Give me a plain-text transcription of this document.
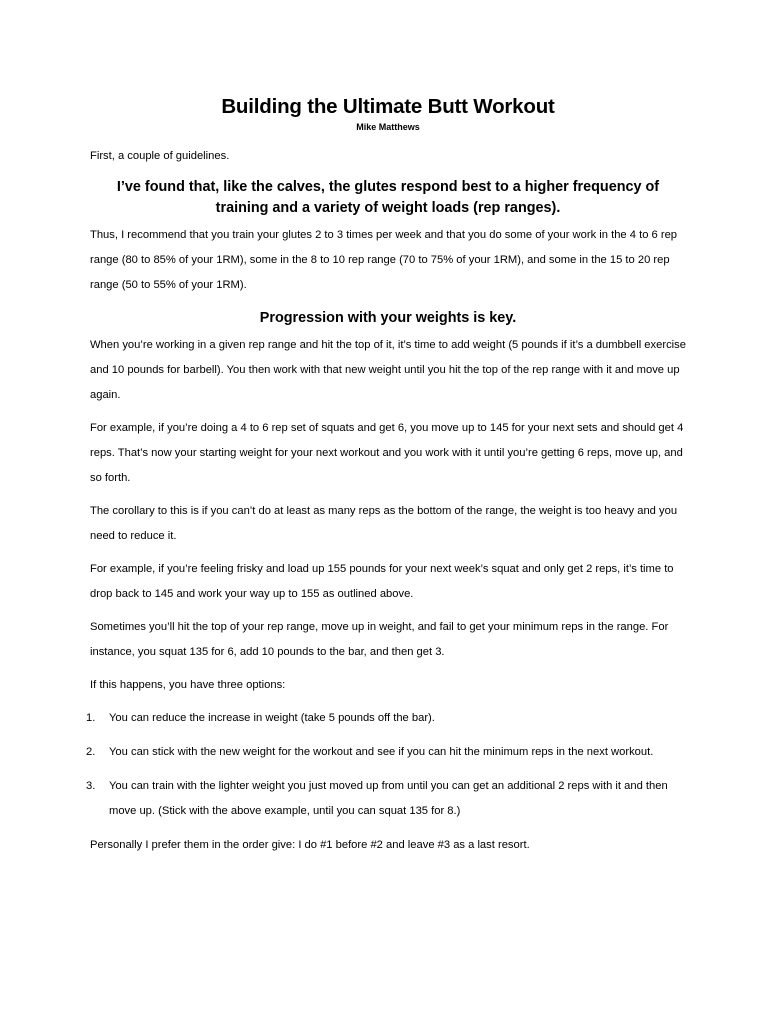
Building the Ultimate Butt Workout
Mike Matthews

First, a couple of guidelines.

I’ve found that, like the calves, the glutes respond best to a higher frequency of training and a variety of weight loads (rep ranges).

Thus, I recommend that you train your glutes 2 to 3 times per week and that you do some of your work in the 4 to 6 rep range (80 to 85% of your 1RM), some in the 8 to 10 rep range (70 to 75% of your 1RM), and some in the 15 to 20 rep range (50 to 55% of your 1RM).

Progression with your weights is key.

When you’re working in a given rep range and hit the top of it, it’s time to add weight (5 pounds if it’s a dumbbell exercise and 10 pounds for barbell). You then work with that new weight until you hit the top of the rep range with it and move up again.

For example, if you’re doing a 4 to 6 rep set of squats and get 6, you move up to 145 for your next sets and should get 4 reps. That’s now your starting weight for your next workout and you work with it until you’re getting 6 reps, move up, and so forth.

The corollary to this is if you can’t do at least as many reps as the bottom of the range, the weight is too heavy and you need to reduce it.

For example, if you’re feeling frisky and load up 155 pounds for your next week’s squat and only get 2 reps, it’s time to drop back to 145 and work your way up to 155 as outlined above.

Sometimes you’ll hit the top of your rep range, move up in weight, and fail to get your minimum reps in the range. For instance, you squat 135 for 6, add 10 pounds to the bar, and then get 3.

If this happens, you have three options:

1. You can reduce the increase in weight (take 5 pounds off the bar).
2. You can stick with the new weight for the workout and see if you can hit the minimum reps in the next workout.
3. You can train with the lighter weight you just moved up from until you can get an additional 2 reps with it and then move up. (Stick with the above example, until you can squat 135 for 8.)

Personally I prefer them in the order give: I do #1 before #2 and leave #3 as a last resort.
